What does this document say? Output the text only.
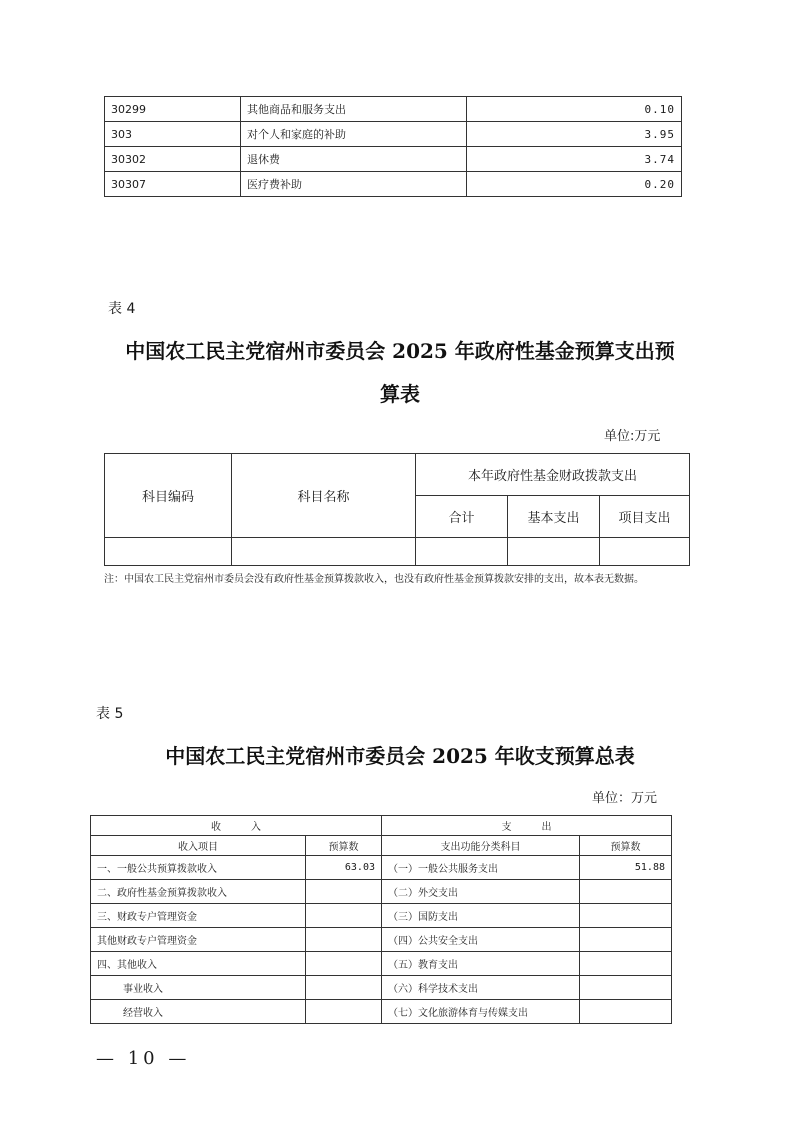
30299	其他商品和服务支出	0.10
303	对个人和家庭的补助	3.95
30302	退休费	3.74
30307	医疗费补助	0.20
表 4
中国农工民主党宿州市委员会 2025 年政府性基金预算支出预
算表
单位:万元
科目编码	科目名称	本年政府性基金财政拨款支出		
		合计	基本支出	项目支出

注：中国农工民主党宿州市委员会没有政府性基金预算拨款收入，也没有政府性基金预算拨款安排的支出，故本表无数据。
表 5
中国农工民主党宿州市委员会 2025 年收支预算总表
单位：万元
收　　　入		支　　　出	
收入项目	预算数	支出功能分类科目	预算数
一、一般公共预算拨款收入	63.03	（一）一般公共服务支出	51.88
二、政府性基金预算拨款收入		（二）外交支出	
三、财政专户管理资金		（三）国防支出	
其他财政专户管理资金		（四）公共安全支出	
四、其他收入		（五）教育支出	
事业收入		（六）科学技术支出	
经营收入		（七）文化旅游体育与传媒支出	
— 10 —
